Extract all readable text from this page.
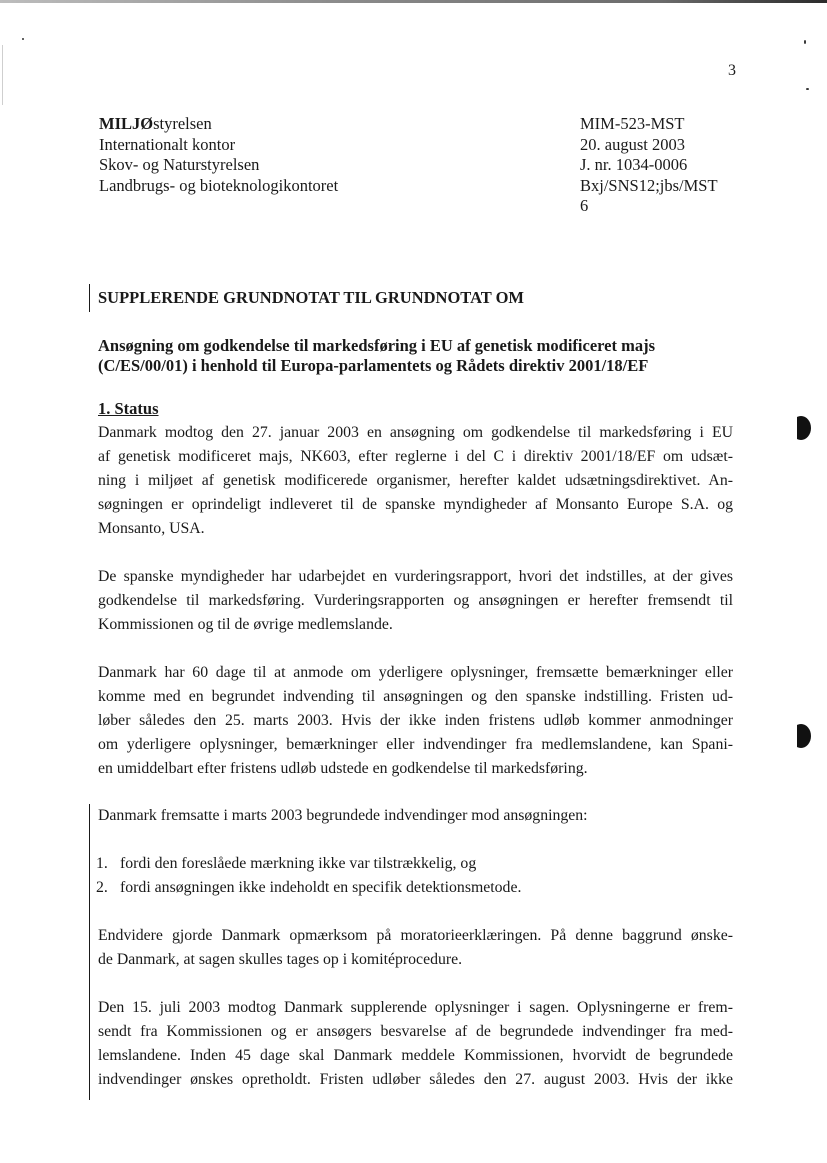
3
MILJØstyrelsen
Internationalt kontor
Skov- og Naturstyrelsen
Landbrugs- og bioteknologikontoret
MIM-523-MST
20. august 2003
J. nr. 1034-0006
Bxj/SNS12;jbs/MST
6
SUPPLERENDE GRUNDNOTAT TIL GRUNDNOTAT OM
Ansøgning om godkendelse til markedsføring i EU af genetisk modificeret majs
(C/ES/00/01) i henhold til Europa-parlamentets og Rådets direktiv 2001/18/EF
1. Status
Danmark modtog den 27. januar 2003 en ansøgning om godkendelse til markedsføring i EU
af genetisk modificeret majs, NK603, efter reglerne i del C i direktiv 2001/18/EF om udsæt-
ning i miljøet af genetisk modificerede organismer, herefter kaldet udsætningsdirektivet. An-
søgningen er oprindeligt indleveret til de spanske myndigheder af Monsanto Europe S.A. og
Monsanto, USA.
De spanske myndigheder har udarbejdet en vurderingsrapport, hvori det indstilles, at der gives
godkendelse til markedsføring. Vurderingsrapporten og ansøgningen er herefter fremsendt til
Kommissionen og til de øvrige medlemslande.
Danmark har 60 dage til at anmode om yderligere oplysninger, fremsætte bemærkninger eller
komme med en begrundet indvending til ansøgningen og den spanske indstilling. Fristen ud-
løber således den 25. marts 2003. Hvis der ikke inden fristens udløb kommer anmodninger
om yderligere oplysninger, bemærkninger eller indvendinger fra medlemslandene, kan Spani-
en umiddelbart efter fristens udløb udstede en godkendelse til markedsføring.
Danmark fremsatte i marts 2003 begrundede indvendinger mod ansøgningen:
1. fordi den foreslåede mærkning ikke var tilstrækkelig, og
2. fordi ansøgningen ikke indeholdt en specifik detektionsmetode.
Endvidere gjorde Danmark opmærksom på moratorieerklæringen. På denne baggrund ønske-
de Danmark, at sagen skulles tages op i komitéprocedure.
Den 15. juli 2003 modtog Danmark supplerende oplysninger i sagen. Oplysningerne er frem-
sendt fra Kommissionen og er ansøgers besvarelse af de begrundede indvendinger fra med-
lemslandene. Inden 45 dage skal Danmark meddele Kommissionen, hvorvidt de begrundede
indvendinger ønskes opretholdt. Fristen udløber således den 27. august 2003. Hvis der ikke
